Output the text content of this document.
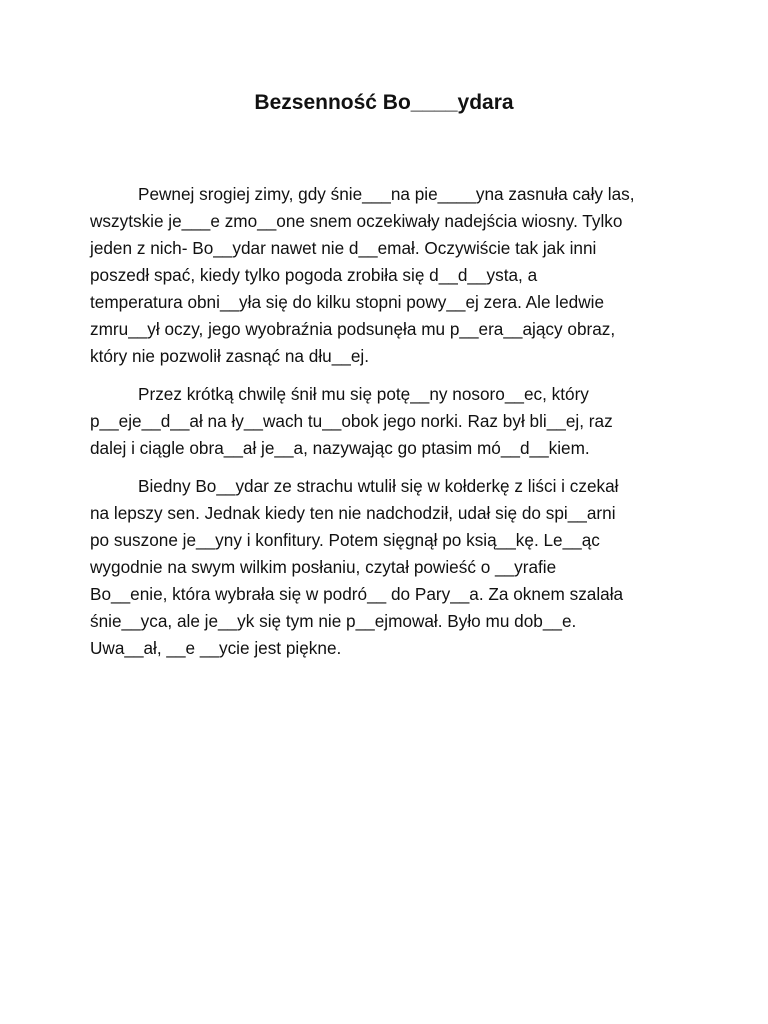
Bezsenność Bo____ydara

Pewnej srogiej zimy, gdy śnie___na pie____yna zasnuła cały las,
wszytskie je___e zmo__one snem oczekiwały nadejścia wiosny. Tylko
jeden z nich- Bo__ydar nawet nie d__emał. Oczywiście tak jak inni
poszedł spać, kiedy tylko pogoda zrobiła się d__d__ysta, a
temperatura obni__yła się do kilku stopni powy__ej zera. Ale ledwie
zmru__ył oczy, jego wyobraźnia podsunęła mu p__era__ający obraz,
który nie pozwolił zasnąć na dłu__ej.

Przez krótką chwilę śnił mu się potę__ny nosoro__ec, który
p__eje__d__ał na ły__wach tu__obok jego norki. Raz był bli__ej, raz
dalej i ciągle obra__ał je__a, nazywając go ptasim mó__d__kiem.

Biedny Bo__ydar ze strachu wtulił się w kołderkę z liści i czekał
na lepszy sen. Jednak kiedy ten nie nadchodził, udał się do spi__arni
po suszone je__yny i konfitury. Potem sięgnął po ksią__kę. Le__ąc
wygodnie na swym wilkim posłaniu, czytał powieść o __yrafie
Bo__enie, która wybrała się w podró__ do Pary__a. Za oknem szalała
śnie__yca, ale je__yk się tym nie p__ejmował. Było mu dob__e.
Uwa__ał, __e __ycie jest piękne.
